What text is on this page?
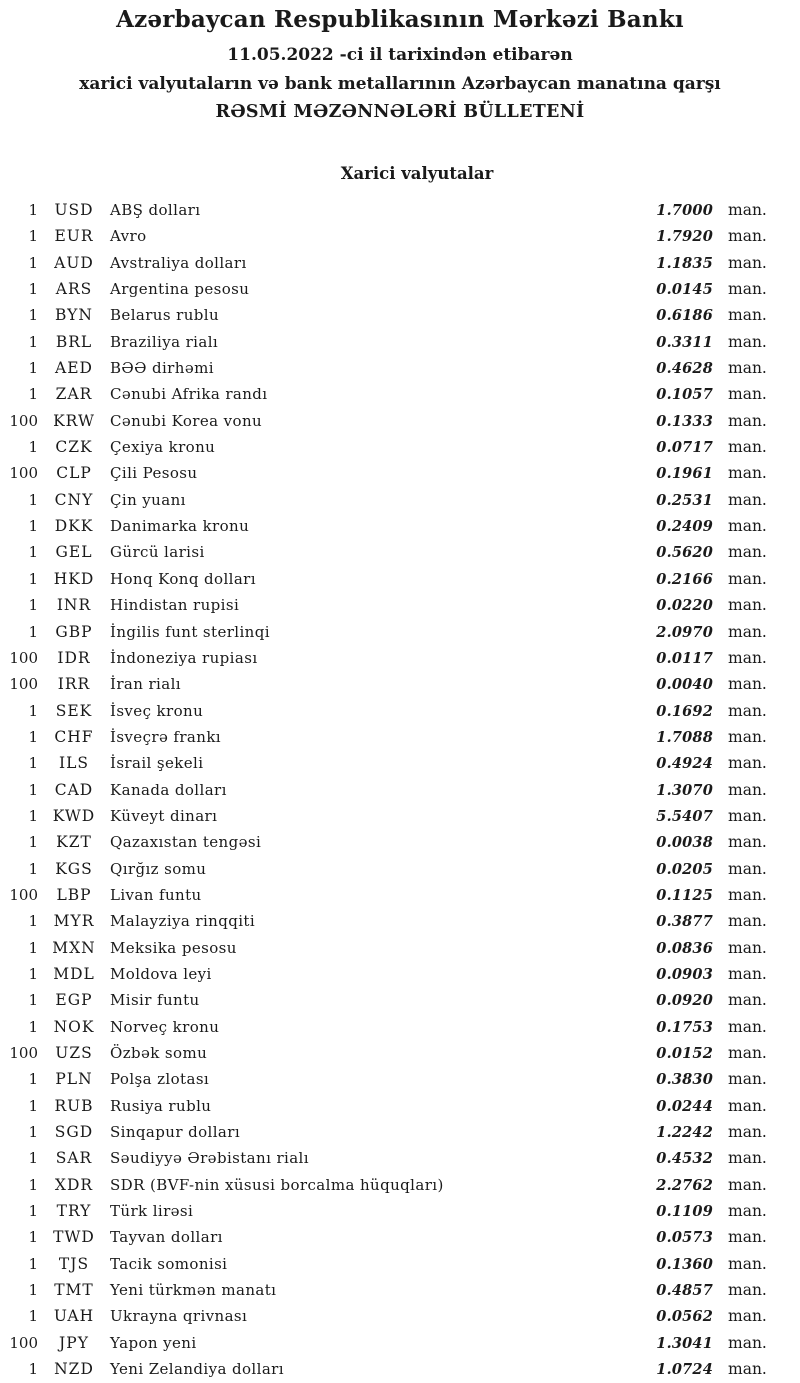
Azərbaycan Respublikasının Mərkəzi Bankı
11.05.2022 -ci il tarixindən etibarən
xarici valyutaların və bank metallarının Azərbaycan manatına qarşı
RƏSMİ MƏZƏNNƏLƏRİ BÜLLETENİ
Xarici valyutalar
1	USD	ABŞ dolları	1.7000 man.
1	EUR	Avro	1.7920 man.
1	AUD	Avstraliya dolları	1.1835 man.
1	ARS	Argentina pesosu	0.0145 man.
1	BYN	Belarus rublu	0.6186 man.
1	BRL	Braziliya rialı	0.3311 man.
1	AED	BƏƏ dirhəmi	0.4628 man.
1	ZAR	Cənubi Afrika randı	0.1057 man.
100 KRW	Cənubi Korea vonu	0.1333 man.
1	CZK	Çexiya kronu	0.0717 man.
100	CLP	Çili Pesosu	0.1961 man.
1	CNY	Çin yuanı	0.2531 man.
1	DKK	Danimarka kronu	0.2409 man.
1	GEL	Gürcü larisi	0.5620 man.
1	HKD	Honq Konq dolları	0.2166 man.
1	INR	Hindistan rupisi	0.0220 man.
1	GBP	İngilis funt sterlinqi	2.0970 man.
100	IDR	İndoneziya rupiası	0.0117 man.
100	IRR	İran rialı	0.0040 man.
1	SEK	İsveç kronu	0.1692 man.
1	CHF	İsveçrə frankı	1.7088 man.
1	ILS	İsrail şekeli	0.4924 man.
1	CAD	Kanada dolları	1.3070 man.
1 KWD Küveyt dinarı	5.5407 man.
1	KZT	Qazaxıstan tengəsi	0.0038 man.
1	KGS	Qırğız somu	0.0205 man.
100	LBP	Livan funtu	0.1125 man.
1	MYR	Malayziya rinqqiti	0.3877 man.
1 MXN Meksika pesosu	0.0836 man.
1 MDL	Moldova leyi	0.0903 man.
1	EGP	Misir funtu	0.0920 man.
1	NOK	Norveç kronu	0.1753 man.
100	UZS	Özbək somu	0.0152 man.
1	PLN	Polşa zlotası	0.3830 man.
1	RUB	Rusiya rublu	0.0244 man.
1	SGD	Sinqapur dolları	1.2242 man.
1	SAR	Səudiyyə Ərəbistanı rialı	0.4532 man.
1	XDR	SDR (BVF-nin xüsusi borcalma hüquqları)	2.2762 man.
1	TRY	Türk lirəsi	0.1109 man.
1 TWD	Tayvan dolları	0.0573 man.
1	TJS	Tacik somonisi	0.1360 man.
1	TMT	Yeni türkmən manatı	0.4857 man.
1	UAH	Ukrayna qrivnası	0.0562 man.
100	JPY	Yapon yeni	1.3041 man.
1	NZD	Yeni Zelandiya dolları	1.0724 man.
